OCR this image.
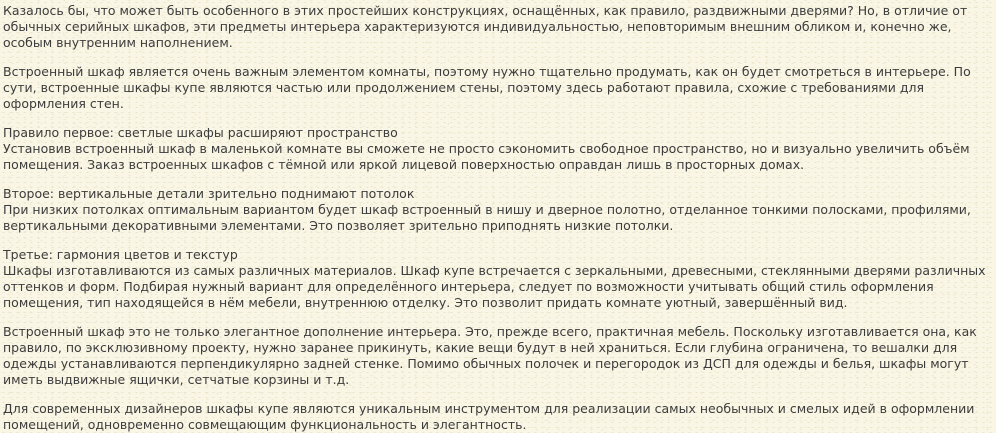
Казалось бы, что может быть особенного в этих простейших конструкциях, оснащённых, как правило, раздвижными дверями? Но, в отличие от обычных серийных шкафов, эти предметы интерьера характеризуются индивидуальностью, неповторимым внешним обликом и, конечно же, особым внутренним наполнением.
Встроенный шкаф является очень важным элементом комнаты, поэтому нужно тщательно продумать, как он будет смотреться в интерьере. По сути, встроенные шкафы купе являются частью или продолжением стены, поэтому здесь работают правила, схожие с требованиями для оформления стен.
Правило первое: светлые шкафы расширяют пространство
Установив встроенный шкаф в маленькой комнате вы сможете не просто сэкономить свободное пространство, но и визуально увеличить объём помещения. Заказ встроенных шкафов с тёмной или яркой лицевой поверхностью оправдан лишь в просторных домах.
Второе: вертикальные детали зрительно поднимают потолок
При низких потолках оптимальным вариантом будет шкаф встроенный в нишу и дверное полотно, отделанное тонкими полосками, профилями, вертикальными декоративными элементами. Это позволяет зрительно приподнять низкие потолки.
Третье: гармония цветов и текстур
Шкафы изготавливаются из самых различных материалов. Шкаф купе встречается с зеркальными, древесными, стеклянными дверями различных оттенков и форм. Подбирая нужный вариант для определённого интерьера, следует по возможности учитывать общий стиль оформления помещения, тип находящейся в нём мебели, внутреннюю отделку. Это позволит придать комнате уютный, завершённый вид.
Встроенный шкаф это не только элегантное дополнение интерьера. Это, прежде всего, практичная мебель. Поскольку изготавливается она, как правило, по эксклюзивному проекту, нужно заранее прикинуть, какие вещи будут в ней храниться. Если глубина ограничена, то вешалки для одежды устанавливаются перпендикулярно задней стенке. Помимо обычных полочек и перегородок из ДСП для одежды и белья, шкафы могут иметь выдвижные ящички, сетчатые корзины и т.д.
Для современных дизайнеров шкафы купе являются уникальным инструментом для реализации самых необычных и смелых идей в оформлении помещений, одновременно совмещающим функциональность и элегантность.
